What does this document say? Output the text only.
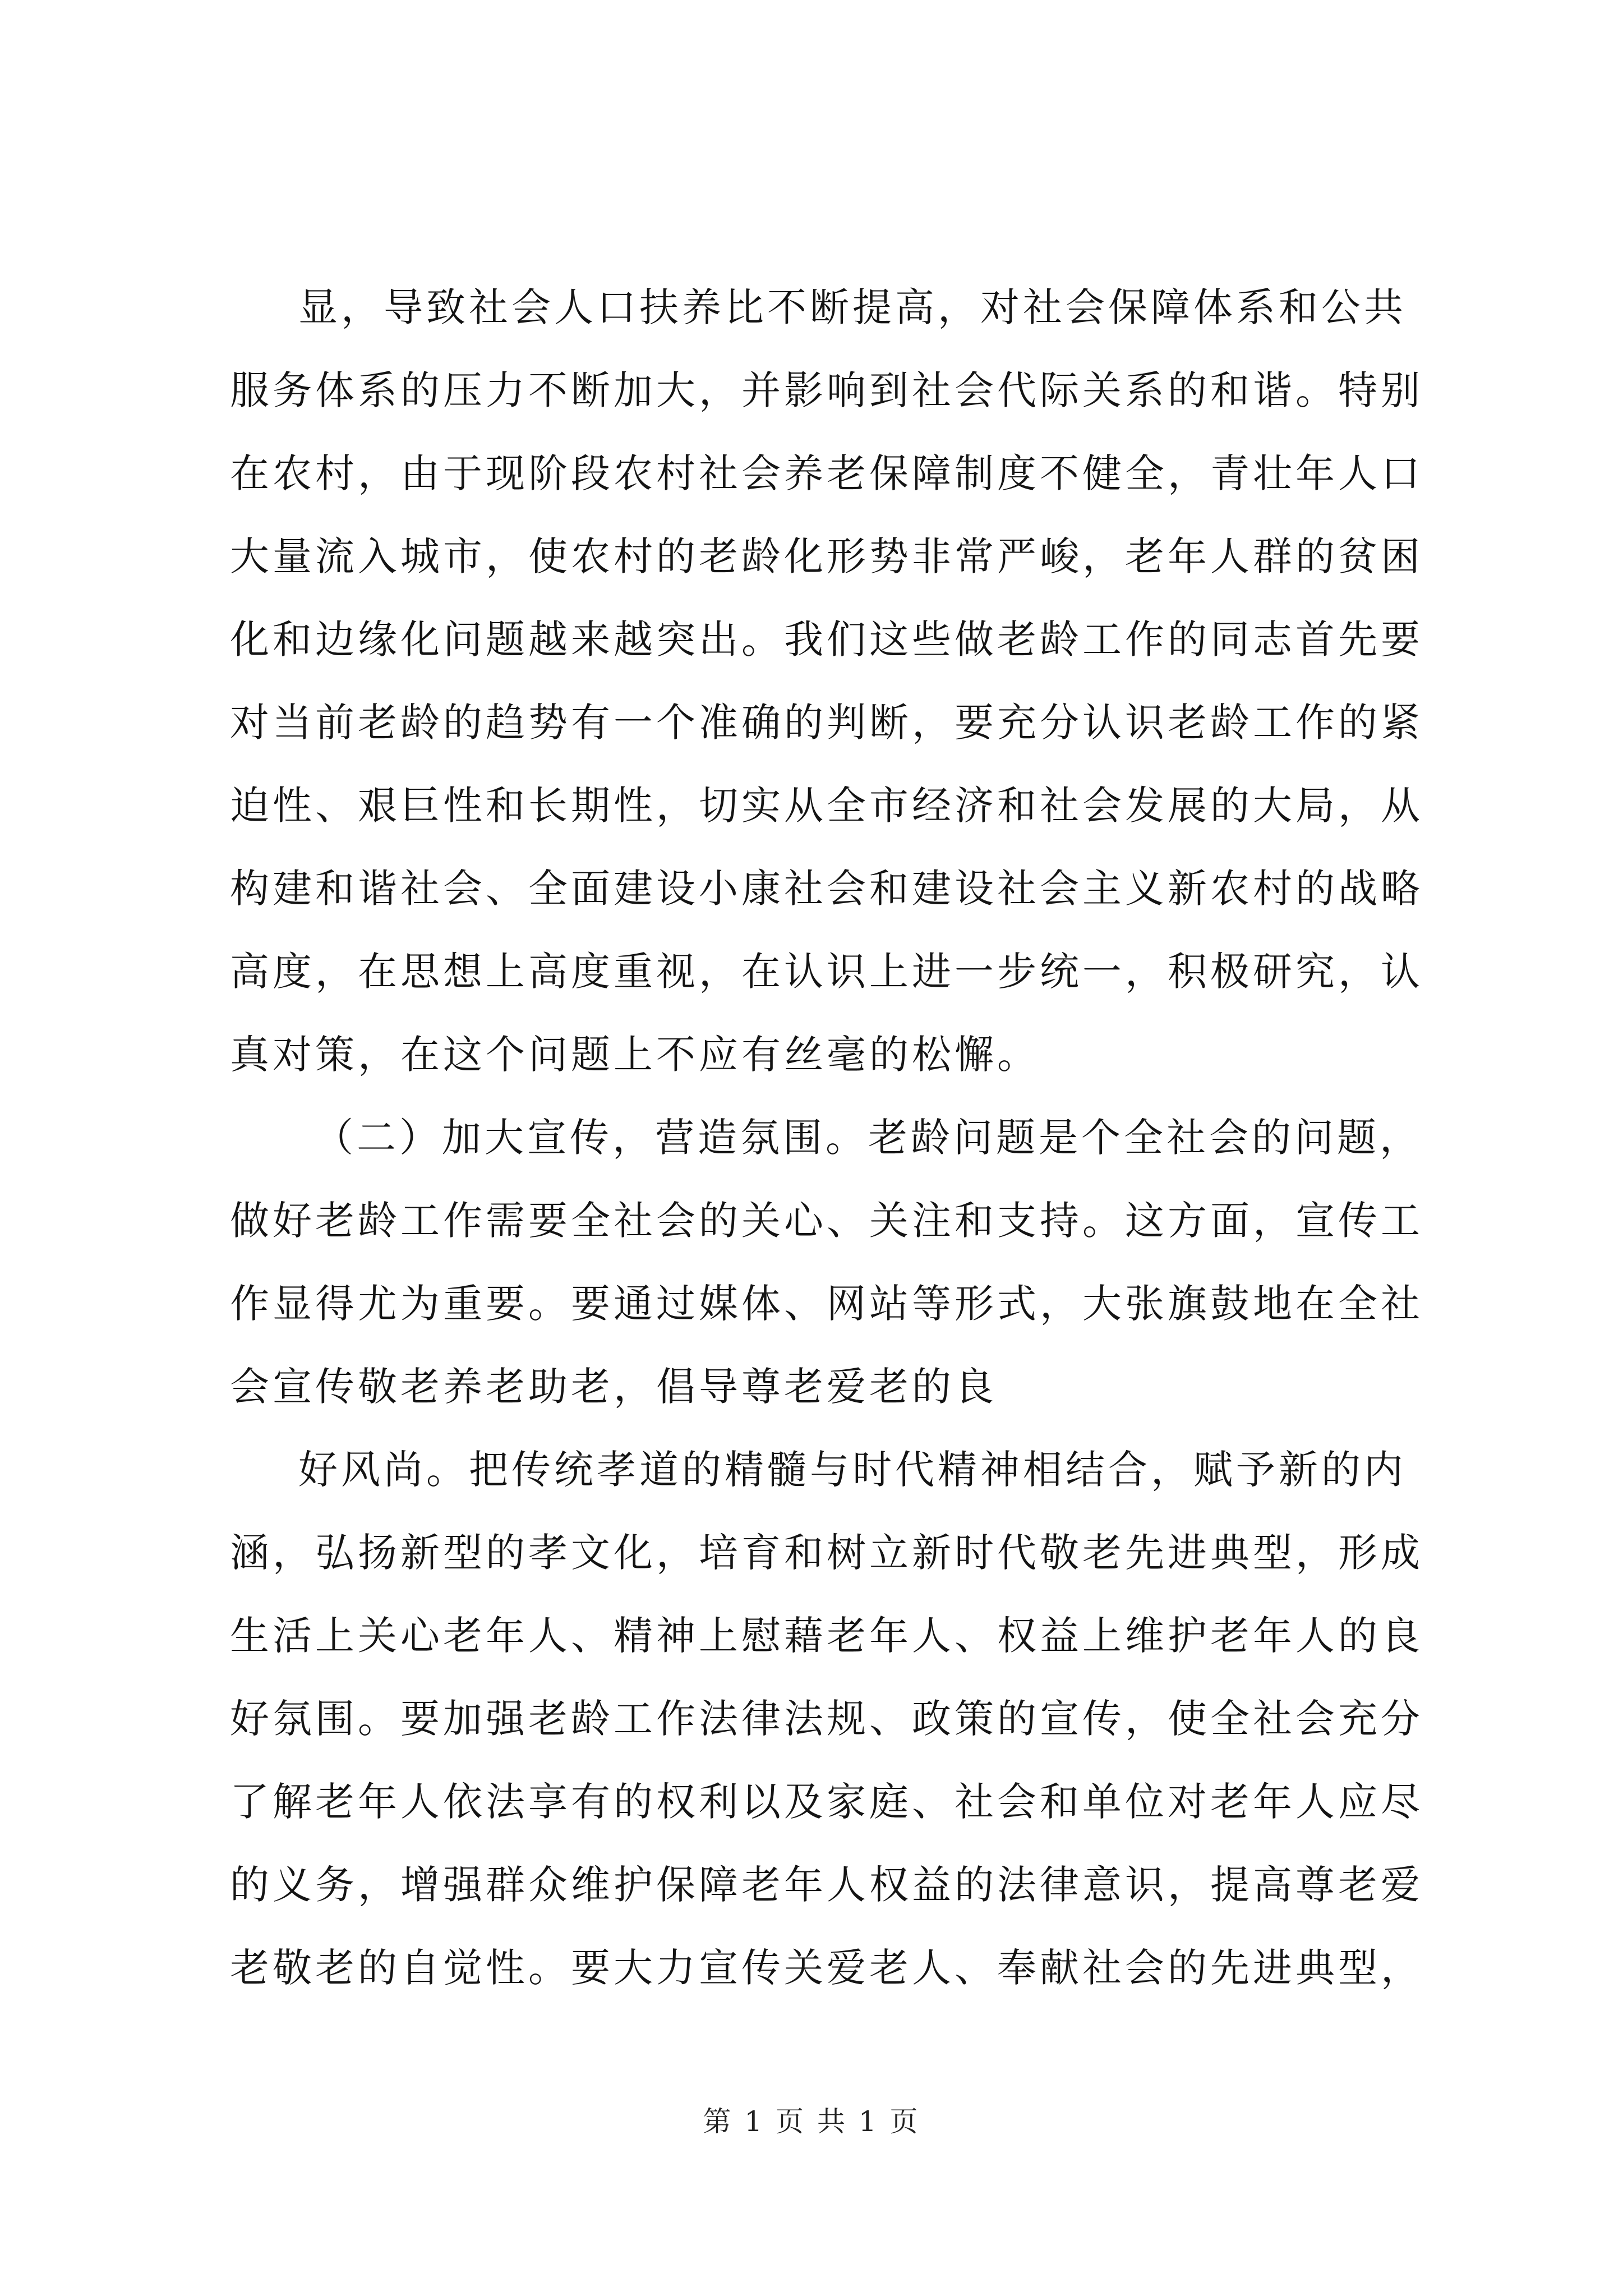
显，导致社会人口扶养比不断提高，对社会保障体系和公共
服务体系的压力不断加大，并影响到社会代际关系的和谐。特别
在农村，由于现阶段农村社会养老保障制度不健全，青壮年人口
大量流入城市，使农村的老龄化形势非常严峻，老年人群的贫困
化和边缘化问题越来越突出。我们这些做老龄工作的同志首先要
对当前老龄的趋势有一个准确的判断，要充分认识老龄工作的紧
迫性、艰巨性和长期性，切实从全市经济和社会发展的大局，从
构建和谐社会、全面建设小康社会和建设社会主义新农村的战略
高度，在思想上高度重视，在认识上进一步统一，积极研究，认
真对策，在这个问题上不应有丝毫的松懈。
（二）加大宣传，营造氛围。老龄问题是个全社会的问题，
做好老龄工作需要全社会的关心、关注和支持。这方面，宣传工
作显得尤为重要。要通过媒体、网站等形式，大张旗鼓地在全社
会宣传敬老养老助老，倡导尊老爱老的良
好风尚。把传统孝道的精髓与时代精神相结合，赋予新的内
涵，弘扬新型的孝文化，培育和树立新时代敬老先进典型，形成
生活上关心老年人、精神上慰藉老年人、权益上维护老年人的良
好氛围。要加强老龄工作法律法规、政策的宣传，使全社会充分
了解老年人依法享有的权利以及家庭、社会和单位对老年人应尽
的义务，增强群众维护保障老年人权益的法律意识，提高尊老爱
老敬老的自觉性。要大力宣传关爱老人、奉献社会的先进典型，
第 1 页 共 1 页
